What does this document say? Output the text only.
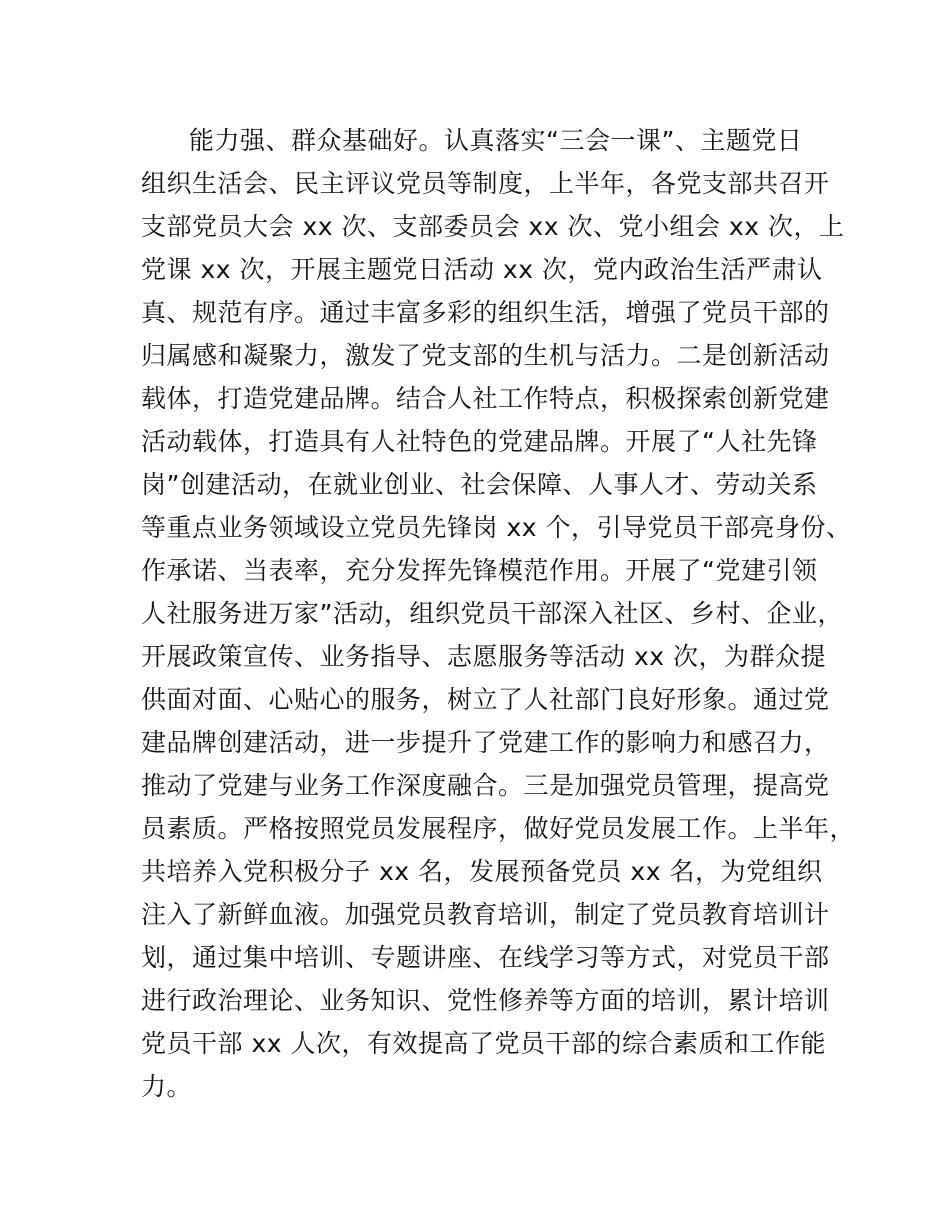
能力强、群众基础好。认真落实“三会一课”、主题党日
组织生活会、民主评议党员等制度，上半年，各党支部共召开
支部党员大会 xx 次、支部委员会 xx 次、党小组会 xx 次，上
党课 xx 次，开展主题党日活动 xx 次，党内政治生活严肃认
真、规范有序。通过丰富多彩的组织生活，增强了党员干部的
归属感和凝聚力，激发了党支部的生机与活力。二是创新活动
载体，打造党建品牌。结合人社工作特点，积极探索创新党建
活动载体，打造具有人社特色的党建品牌。开展了“人社先锋
岗”创建活动，在就业创业、社会保障、人事人才、劳动关系
等重点业务领域设立党员先锋岗 xx 个，引导党员干部亮身份、
作承诺、当表率，充分发挥先锋模范作用。开展了“党建引领
人社服务进万家”活动，组织党员干部深入社区、乡村、企业，
开展政策宣传、业务指导、志愿服务等活动 xx 次，为群众提
供面对面、心贴心的服务，树立了人社部门良好形象。通过党
建品牌创建活动，进一步提升了党建工作的影响力和感召力，
推动了党建与业务工作深度融合。三是加强党员管理，提高党
员素质。严格按照党员发展程序，做好党员发展工作。上半年，
共培养入党积极分子 xx 名，发展预备党员 xx 名，为党组织
注入了新鲜血液。加强党员教育培训，制定了党员教育培训计
划，通过集中培训、专题讲座、在线学习等方式，对党员干部
进行政治理论、业务知识、党性修养等方面的培训，累计培训
党员干部 xx 人次，有效提高了党员干部的综合素质和工作能
力。
